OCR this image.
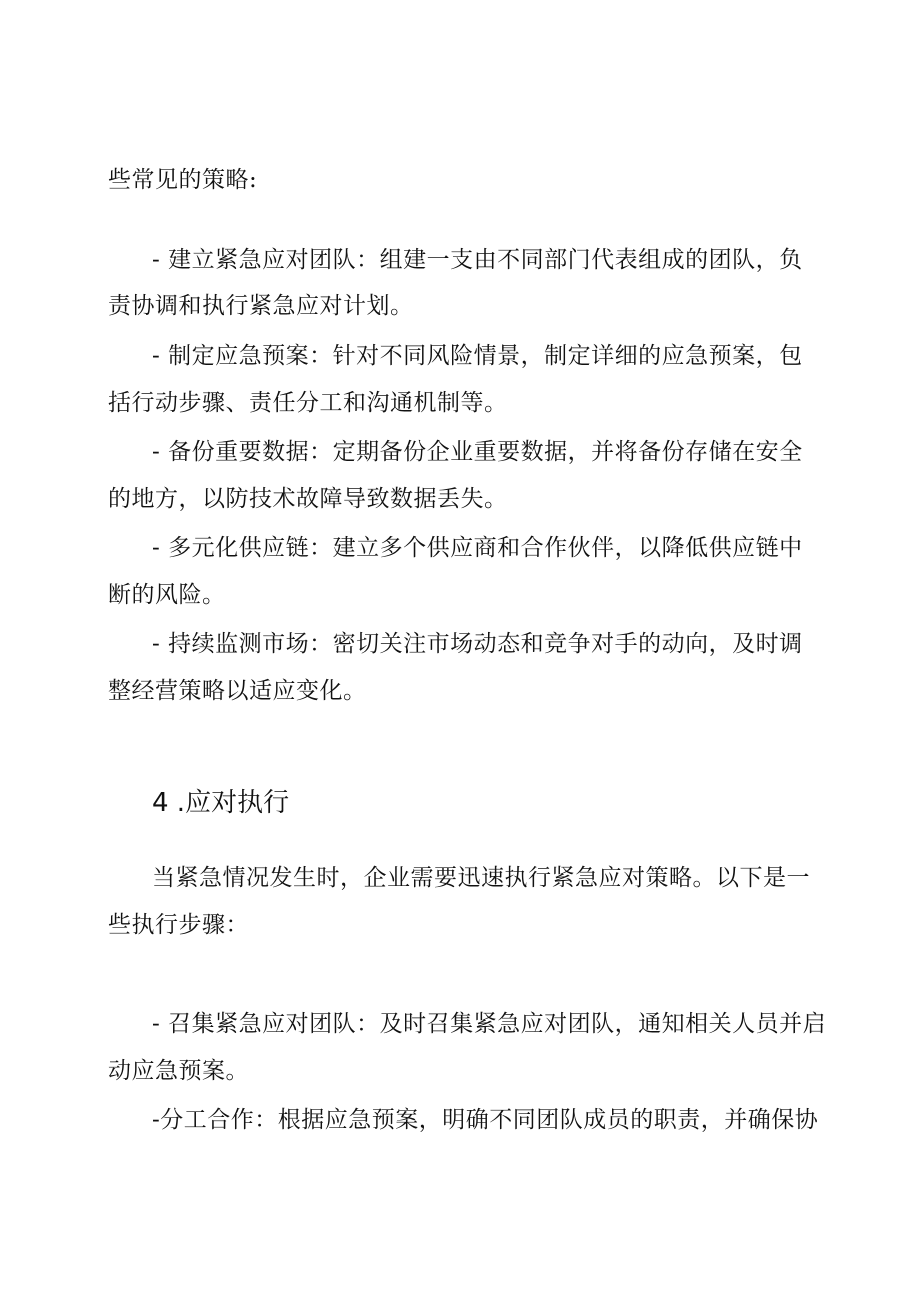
些常见的策略:
- 建立紧急应对团队：组建一支由不同部门代表组成的团队，负
责协调和执行紧急应对计划。
- 制定应急预案：针对不同风险情景，制定详细的应急预案，包
括行动步骤、责任分工和沟通机制等。
- 备份重要数据：定期备份企业重要数据，并将备份存储在安全
的地方，以防技术故障导致数据丢失。
- 多元化供应链：建立多个供应商和合作伙伴，以降低供应链中
断的风险。
- 持续监测市场：密切关注市场动态和竞争对手的动向，及时调
整经营策略以适应变化。
4 .应对执行
当紧急情况发生时，企业需要迅速执行紧急应对策略。以下是一
些执行步骤：
- 召集紧急应对团队：及时召集紧急应对团队，通知相关人员并启
动应急预案。
-分工合作：根据应急预案，明确不同团队成员的职责，并确保协
